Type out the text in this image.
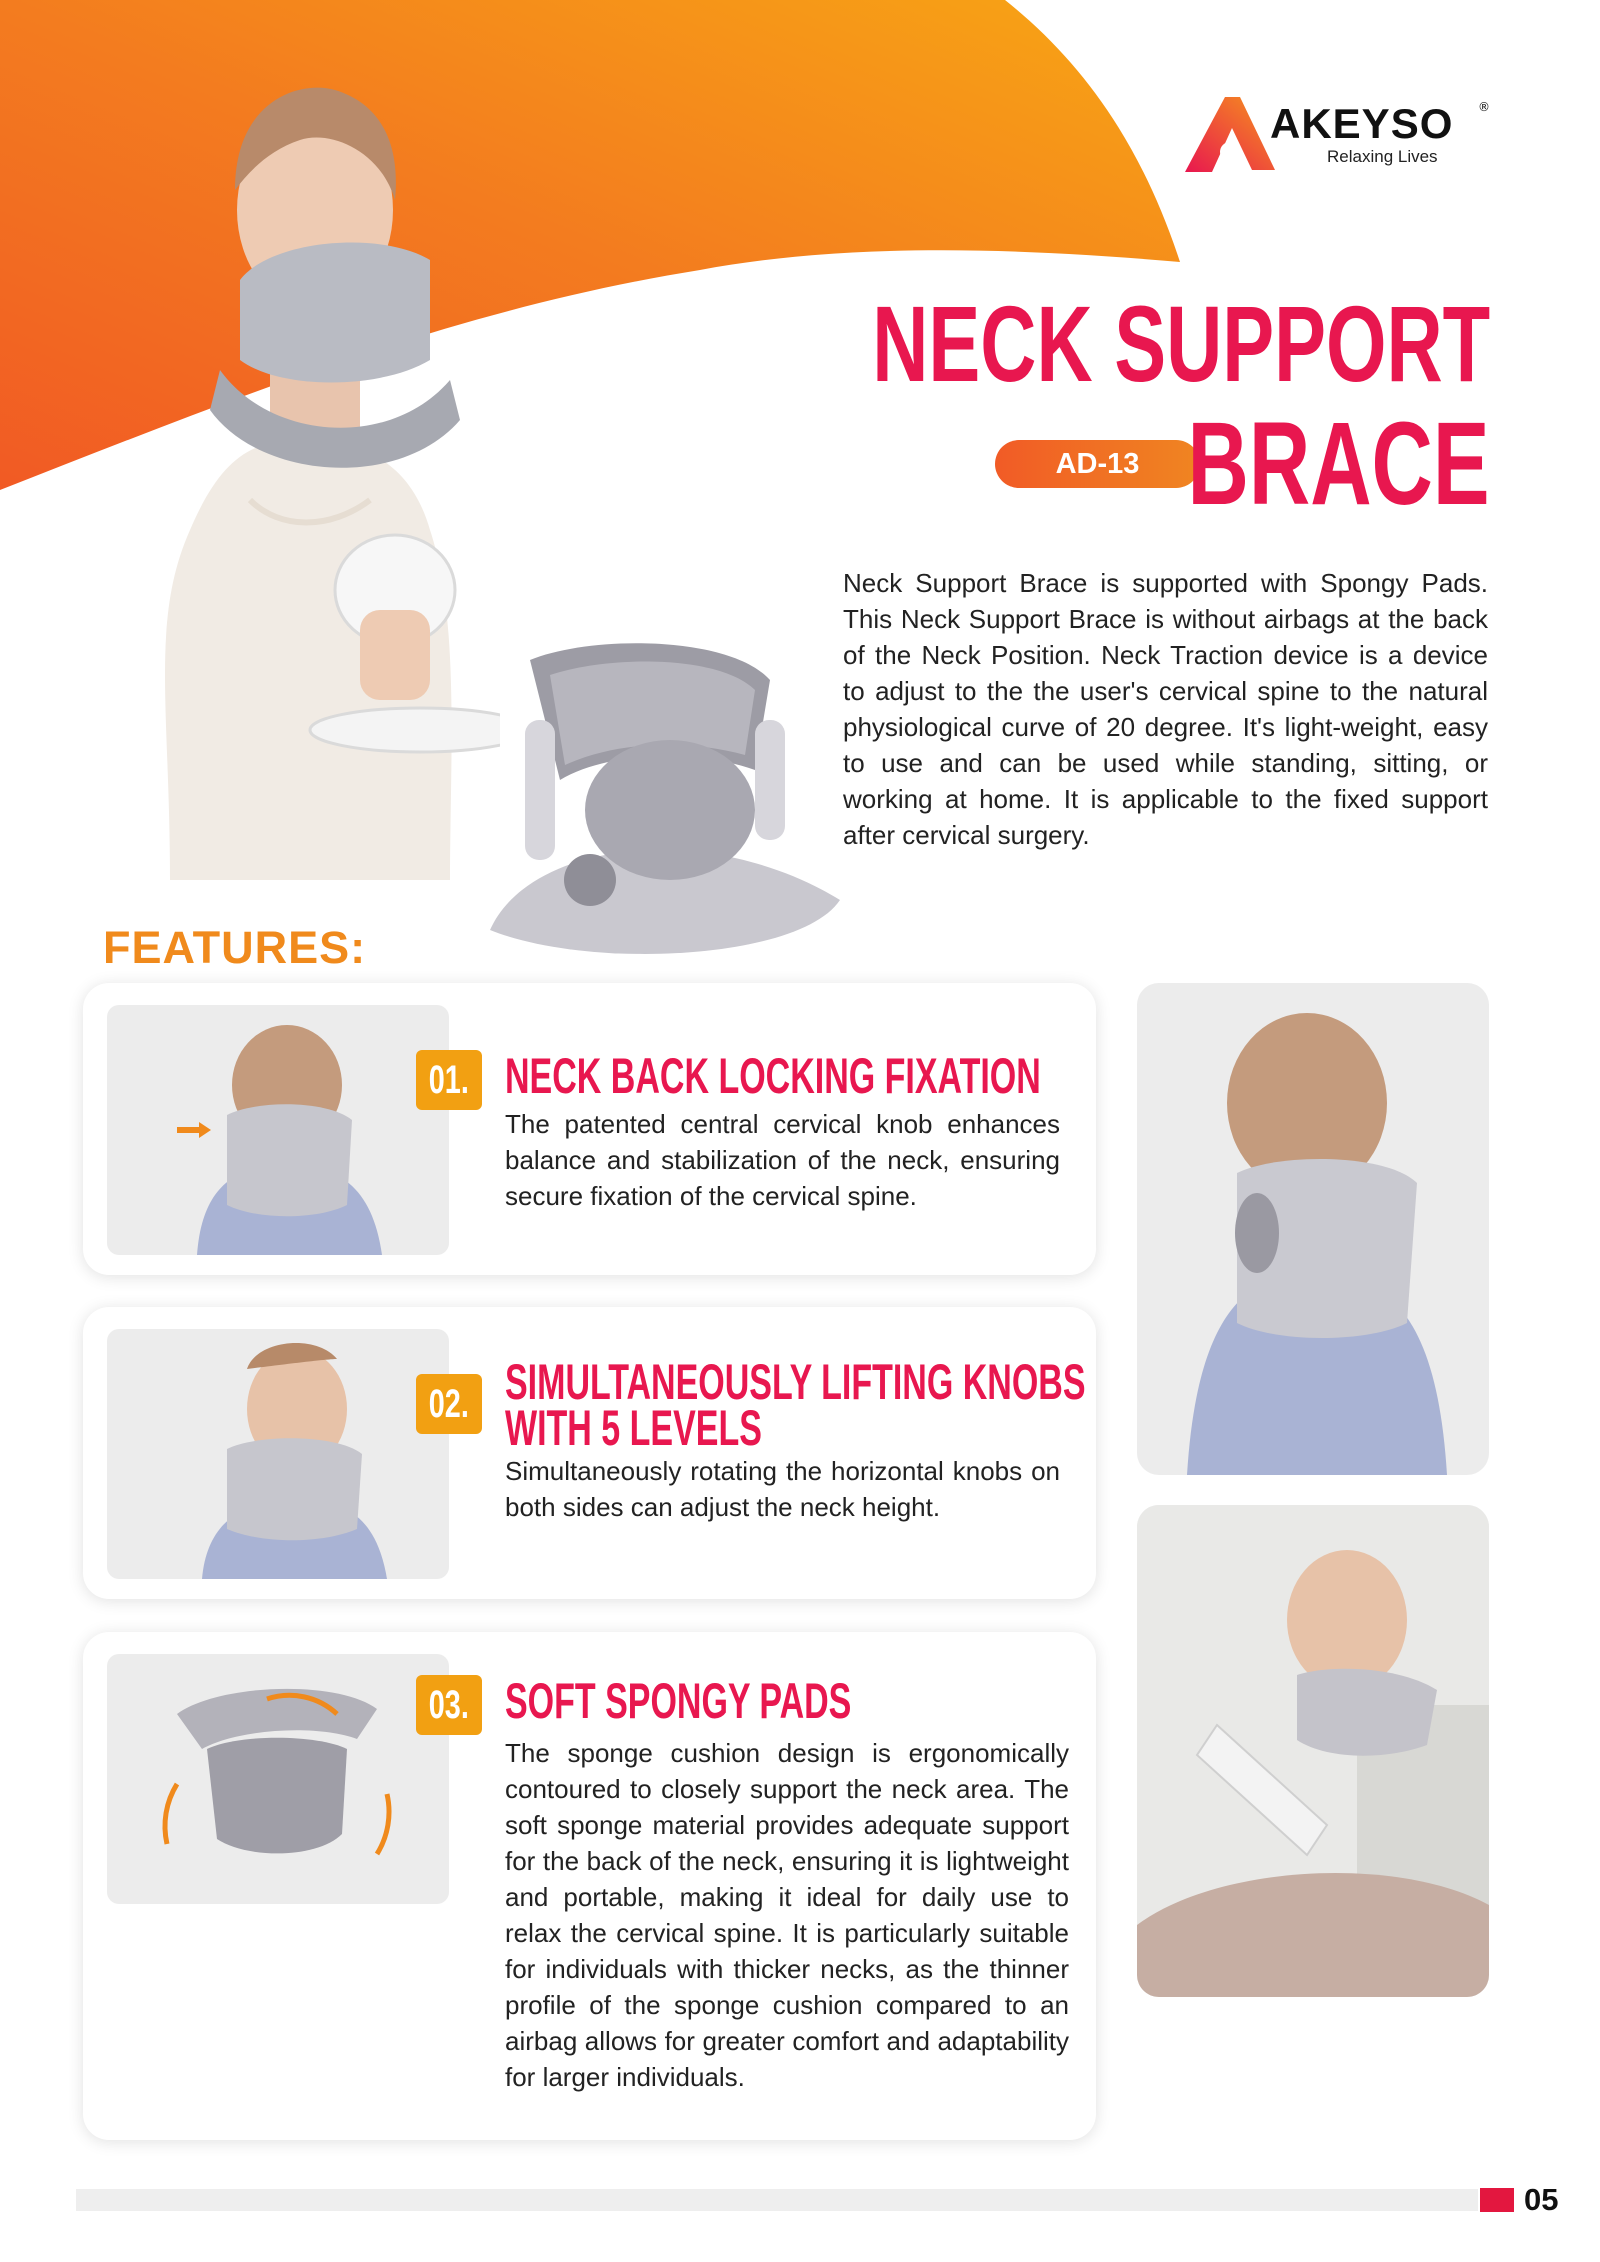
AKEYSO ®
Relaxing Lives
NECK SUPPORT
AD-13 BRACE
Neck Support Brace is supported with Spongy Pads. This Neck Support Brace is without airbags at the back of the Neck Position. Neck Traction device is a device to adjust to the the user's cervical spine to the natural physiological curve of 20 degree. It's light-weight, easy to use and can be used while standing, sitting, or working at home. It is applicable to the fixed support after cervical surgery.
FEATURES:
01. NECK BACK LOCKING FIXATION
The patented central cervical knob enhances balance and stabilization of the neck, ensuring secure fixation of the cervical spine.
02. SIMULTANEOUSLY LIFTING KNOBS WITH 5 LEVELS
Simultaneously rotating the horizontal knobs on both sides can adjust the neck height.
03. SOFT SPONGY PADS
The sponge cushion design is ergonomically contoured to closely support the neck area. The soft sponge material provides adequate support for the back of the neck, ensuring it is lightweight and portable, making it ideal for daily use to relax the cervical spine. It is particularly suitable for individuals with thicker necks, as the thinner profile of the sponge cushion compared to an airbag allows for greater comfort and adaptability for larger individuals.
05
